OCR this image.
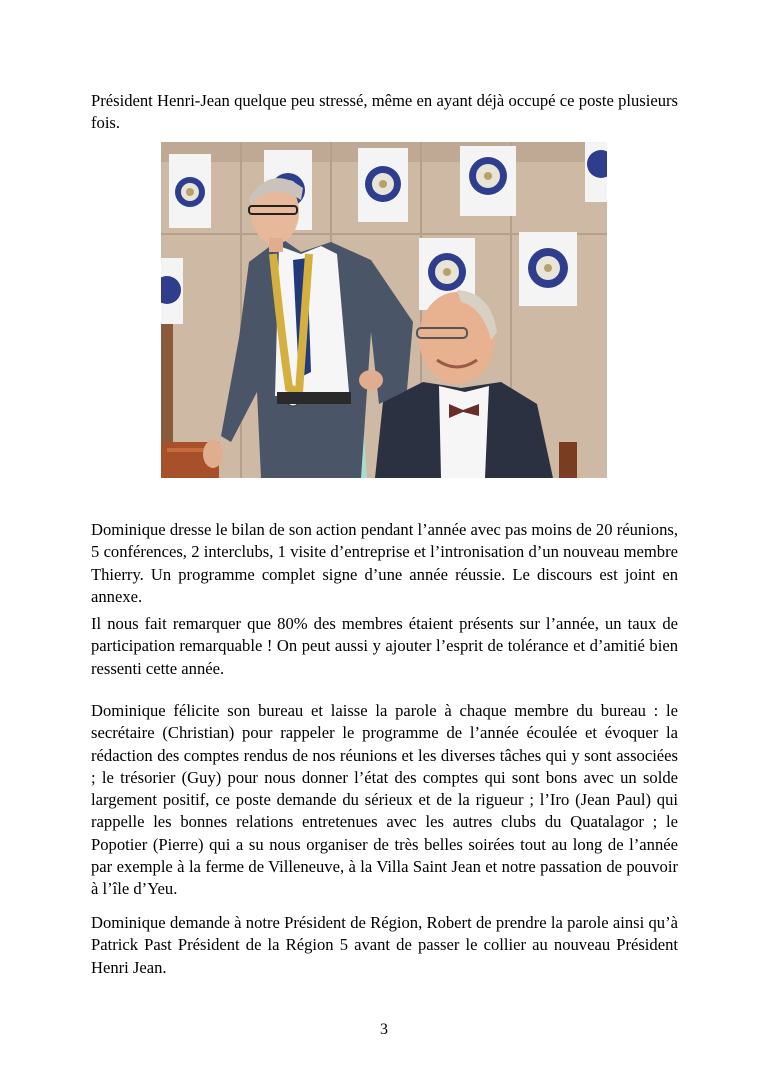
Président Henri-Jean quelque peu stressé, même en ayant déjà occupé ce poste plusieurs fois.

Dominique dresse le bilan de son action pendant l’année avec pas moins de 20 réunions, 5 conférences, 2 interclubs, 1 visite d’entreprise et l’intronisation d’un nouveau membre Thierry. Un programme complet signe d’une année réussie. Le discours est joint en annexe.

Il nous fait remarquer que 80% des membres étaient présents sur l’année, un taux de participation remarquable ! On peut aussi y ajouter l’esprit de tolérance et d’amitié bien ressenti cette année.

Dominique félicite son bureau et laisse la parole à chaque membre du bureau : le secrétaire (Christian) pour rappeler le programme de l’année écoulée et évoquer la rédaction des comptes rendus de nos réunions et les diverses tâches qui y sont associées ; le trésorier (Guy) pour nous donner l’état des comptes qui sont bons avec un solde largement positif, ce poste demande du sérieux et de la rigueur ; l’Iro (Jean Paul) qui rappelle les bonnes relations entretenues avec les autres clubs du Quatalagor ; le Popotier (Pierre) qui a su nous organiser de très belles soirées tout au long de l’année par exemple à la ferme de Villeneuve, à la Villa Saint Jean et notre passation de pouvoir à l’île d’Yeu.

Dominique demande à notre Président de Région, Robert de prendre la parole ainsi qu’à Patrick Past Président de la Région 5 avant de passer le collier au nouveau Président Henri Jean.

3
